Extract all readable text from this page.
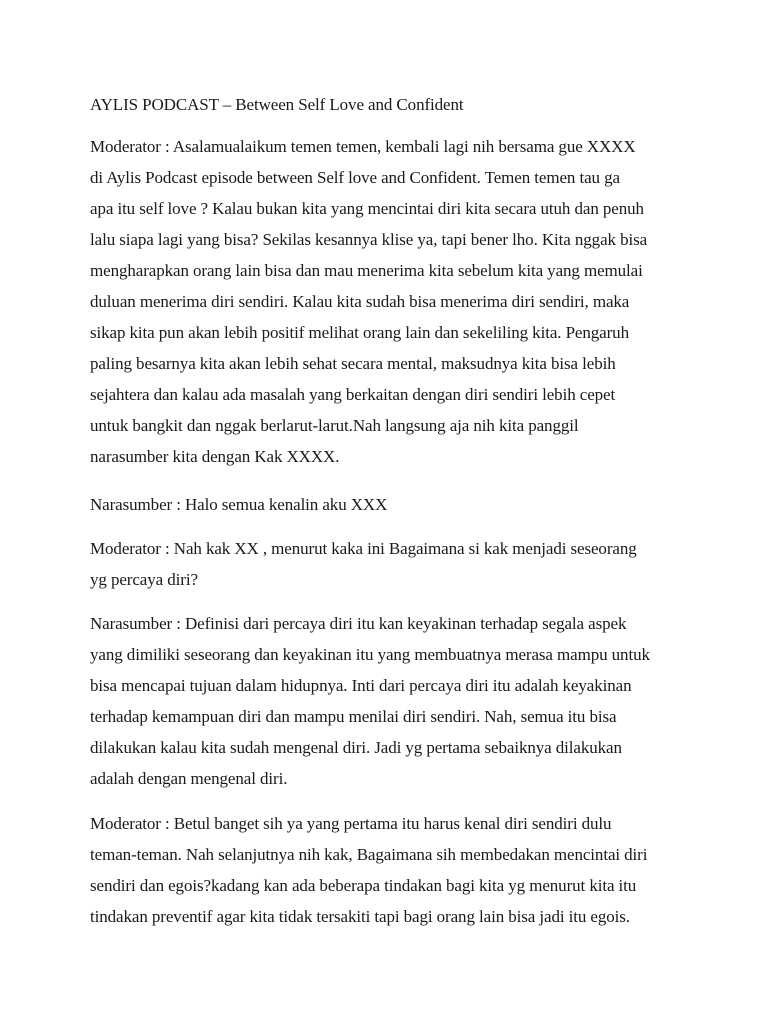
AYLIS PODCAST – Between Self Love and Confident

Moderator : Asalamualaikum temen temen, kembali lagi nih bersama gue XXXX
di Aylis Podcast episode between Self love and Confident. Temen temen tau ga
apa itu self love ? Kalau bukan kita yang mencintai diri kita secara utuh dan penuh
lalu siapa lagi yang bisa? Sekilas kesannya klise ya, tapi bener lho. Kita nggak bisa
mengharapkan orang lain bisa dan mau menerima kita sebelum kita yang memulai
duluan menerima diri sendiri. Kalau kita sudah bisa menerima diri sendiri, maka
sikap kita pun akan lebih positif melihat orang lain dan sekeliling kita. Pengaruh
paling besarnya kita akan lebih sehat secara mental, maksudnya kita bisa lebih
sejahtera dan kalau ada masalah yang berkaitan dengan diri sendiri lebih cepet
untuk bangkit dan nggak berlarut-larut.Nah langsung aja nih kita panggil
narasumber kita dengan Kak XXXX.

Narasumber : Halo semua kenalin aku XXX

Moderator : Nah kak XX , menurut kaka ini Bagaimana si kak menjadi seseorang
yg percaya diri?

Narasumber : Definisi dari percaya diri itu kan keyakinan terhadap segala aspek
yang dimiliki seseorang dan keyakinan itu yang membuatnya merasa mampu untuk
bisa mencapai tujuan dalam hidupnya. Inti dari percaya diri itu adalah keyakinan
terhadap kemampuan diri dan mampu menilai diri sendiri. Nah, semua itu bisa
dilakukan kalau kita sudah mengenal diri. Jadi yg pertama sebaiknya dilakukan
adalah dengan mengenal diri.

Moderator : Betul banget sih ya yang pertama itu harus kenal diri sendiri dulu
teman-teman. Nah selanjutnya nih kak, Bagaimana sih membedakan mencintai diri
sendiri dan egois?kadang kan ada beberapa tindakan bagi kita yg menurut kita itu
tindakan preventif agar kita tidak tersakiti tapi bagi orang lain bisa jadi itu egois.
